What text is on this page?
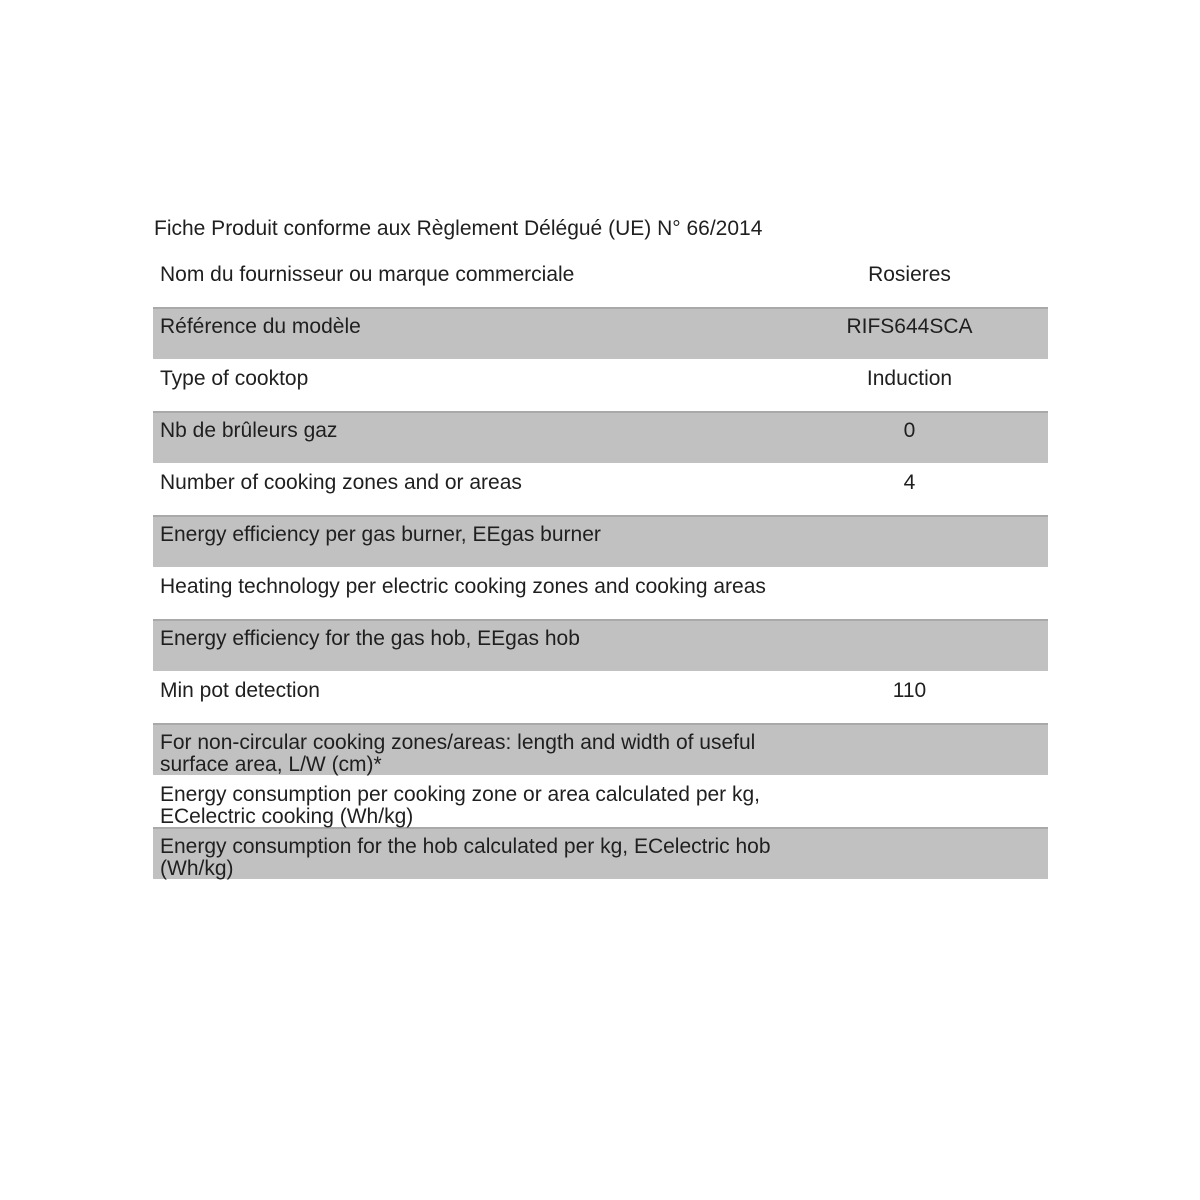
Fiche Produit conforme aux Règlement Délégué (UE) N° 66/2014
Nom du fournisseur ou marque commerciale	Rosieres
Référence du modèle	RIFS644SCA
Type of cooktop	Induction
Nb de brûleurs gaz	0
Number of cooking zones and or areas	4
Energy efficiency per gas burner, EEgas burner
Heating technology per electric cooking zones and cooking areas
Energy efficiency for the gas hob, EEgas hob
Min pot detection	110
For non-circular cooking zones/areas: length and width of useful surface area, L/W (cm)*
Energy consumption per cooking zone or area calculated per kg, ECelectric cooking (Wh/kg)
Energy consumption for the hob calculated per kg, ECelectric hob (Wh/kg)
